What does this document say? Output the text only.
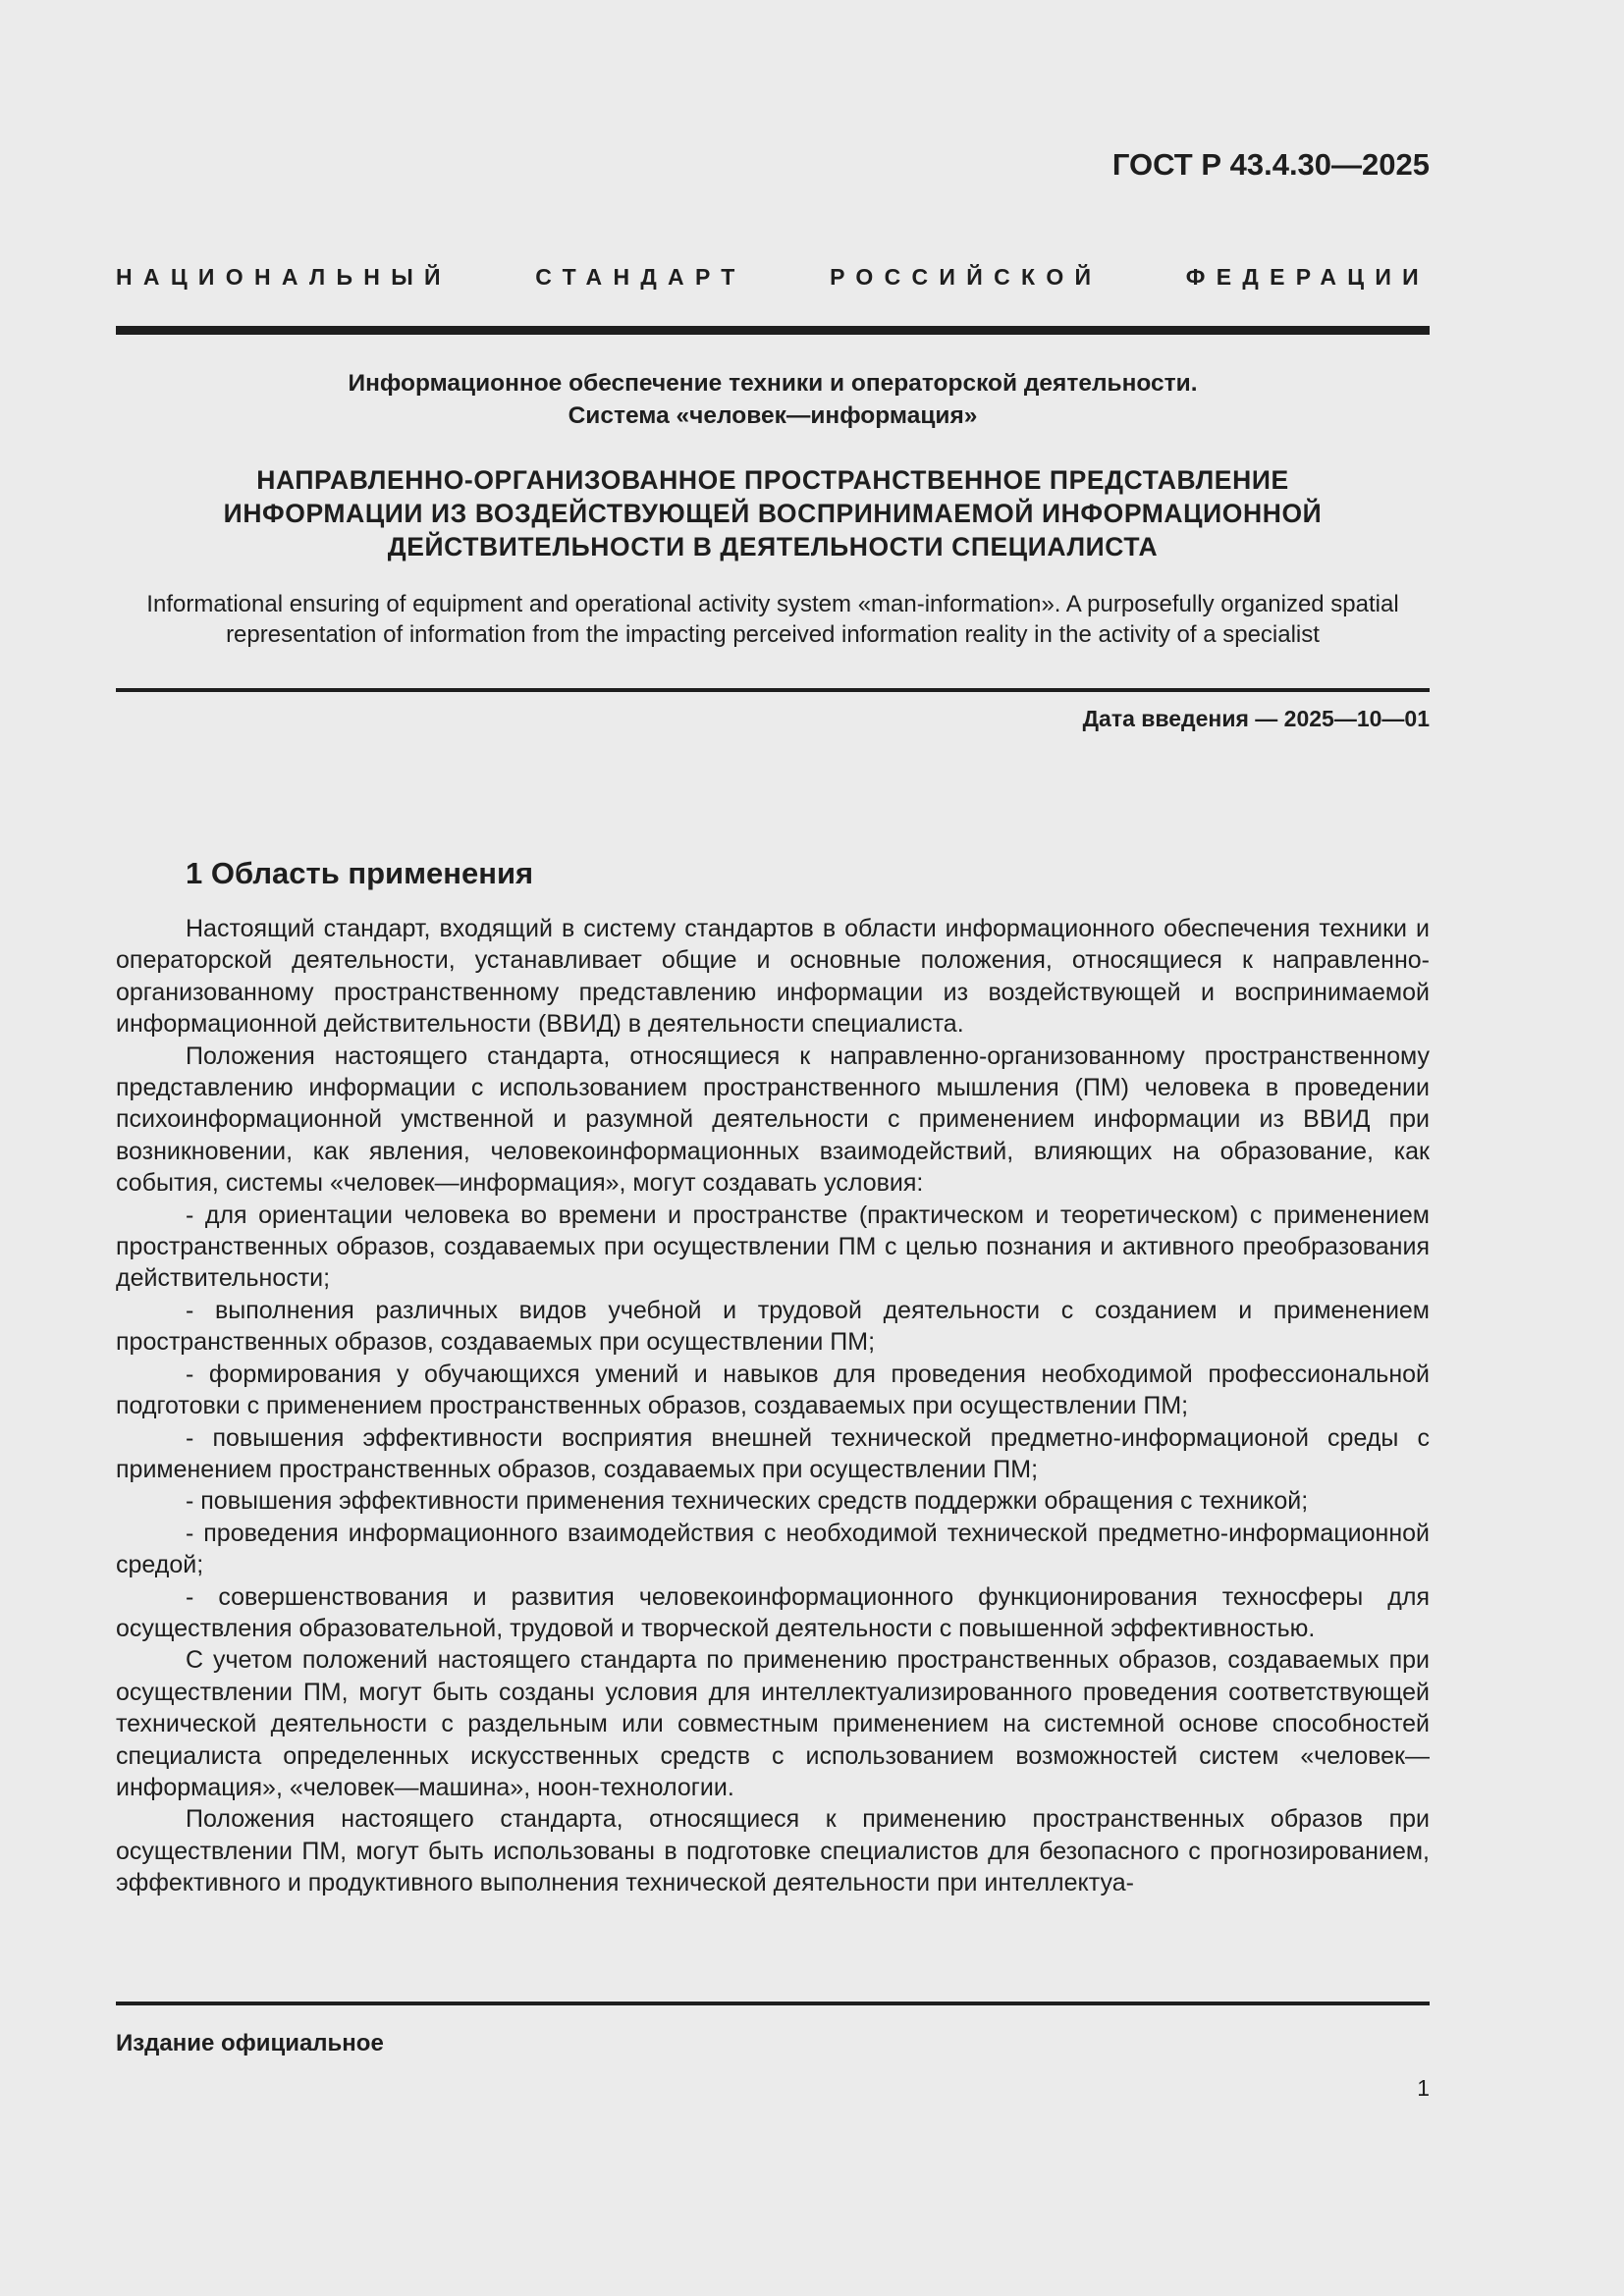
ГОСТ Р 43.4.30—2025
НАЦИОНАЛЬНЫЙ СТАНДАРТ РОССИЙСКОЙ ФЕДЕРАЦИИ
Информационное обеспечение техники и операторской деятельности.
Система «человек—информация»
НАПРАВЛЕННО-ОРГАНИЗОВАННОЕ ПРОСТРАНСТВЕННОЕ ПРЕДСТАВЛЕНИЕ
ИНФОРМАЦИИ ИЗ ВОЗДЕЙСТВУЮЩЕЙ ВОСПРИНИМАЕМОЙ ИНФОРМАЦИОННОЙ
ДЕЙСТВИТЕЛЬНОСТИ В ДЕЯТЕЛЬНОСТИ СПЕЦИАЛИСТА
Informational ensuring of equipment and operational activity system «man-information». A purposefully organized spatial
representation of information from the impacting perceived information reality in the activity of a specialist
Дата введения — 2025—10—01
1 Область применения

Настоящий стандарт, входящий в систему стандартов в области информационного обеспечения техники и операторской деятельности, устанавливает общие и основные положения, относящиеся к направленно-организованному пространственному представлению информации из воздействующей и воспринимаемой информационной действительности (ВВИД) в деятельности специалиста.

Положения настоящего стандарта, относящиеся к направленно-организованному пространственному представлению информации с использованием пространственного мышления (ПМ) человека в проведении психоинформационной умственной и разумной деятельности с применением информации из ВВИД при возникновении, как явления, человекоинформационных взаимодействий, влияющих на образование, как события, системы «человек—информация», могут создавать условия:

- для ориентации человека во времени и пространстве (практическом и теоретическом) с применением пространственных образов, создаваемых при осуществлении ПМ с целью познания и активного преобразования действительности;

- выполнения различных видов учебной и трудовой деятельности с созданием и применением пространственных образов, создаваемых при осуществлении ПМ;

- формирования у обучающихся умений и навыков для проведения необходимой профессиональной подготовки с применением пространственных образов, создаваемых при осуществлении ПМ;

- повышения эффективности восприятия внешней технической предметно-информационой среды с применением пространственных образов, создаваемых при осуществлении ПМ;

- повышения эффективности применения технических средств поддержки обращения с техникой;

- проведения информационного взаимодействия с необходимой технической предметно-информационной средой;

- совершенствования и развития человекоинформационного функционирования техносферы для осуществления образовательной, трудовой и творческой деятельности с повышенной эффективностью.

С учетом положений настоящего стандарта по применению пространственных образов, создаваемых при осуществлении ПМ, могут быть созданы условия для интеллектуализированного проведения соответствующей технической деятельности с раздельным или совместным применением на системной основе способностей специалиста определенных искусственных средств с использованием возможностей систем «человек—информация», «человек—машина», ноон-технологии.

Положения настоящего стандарта, относящиеся к применению пространственных образов при осуществлении ПМ, могут быть использованы в подготовке специалистов для безопасного с прогнозированием, эффективного и продуктивного выполнения технической деятельности при интеллектуа-

Издание официальное
1
